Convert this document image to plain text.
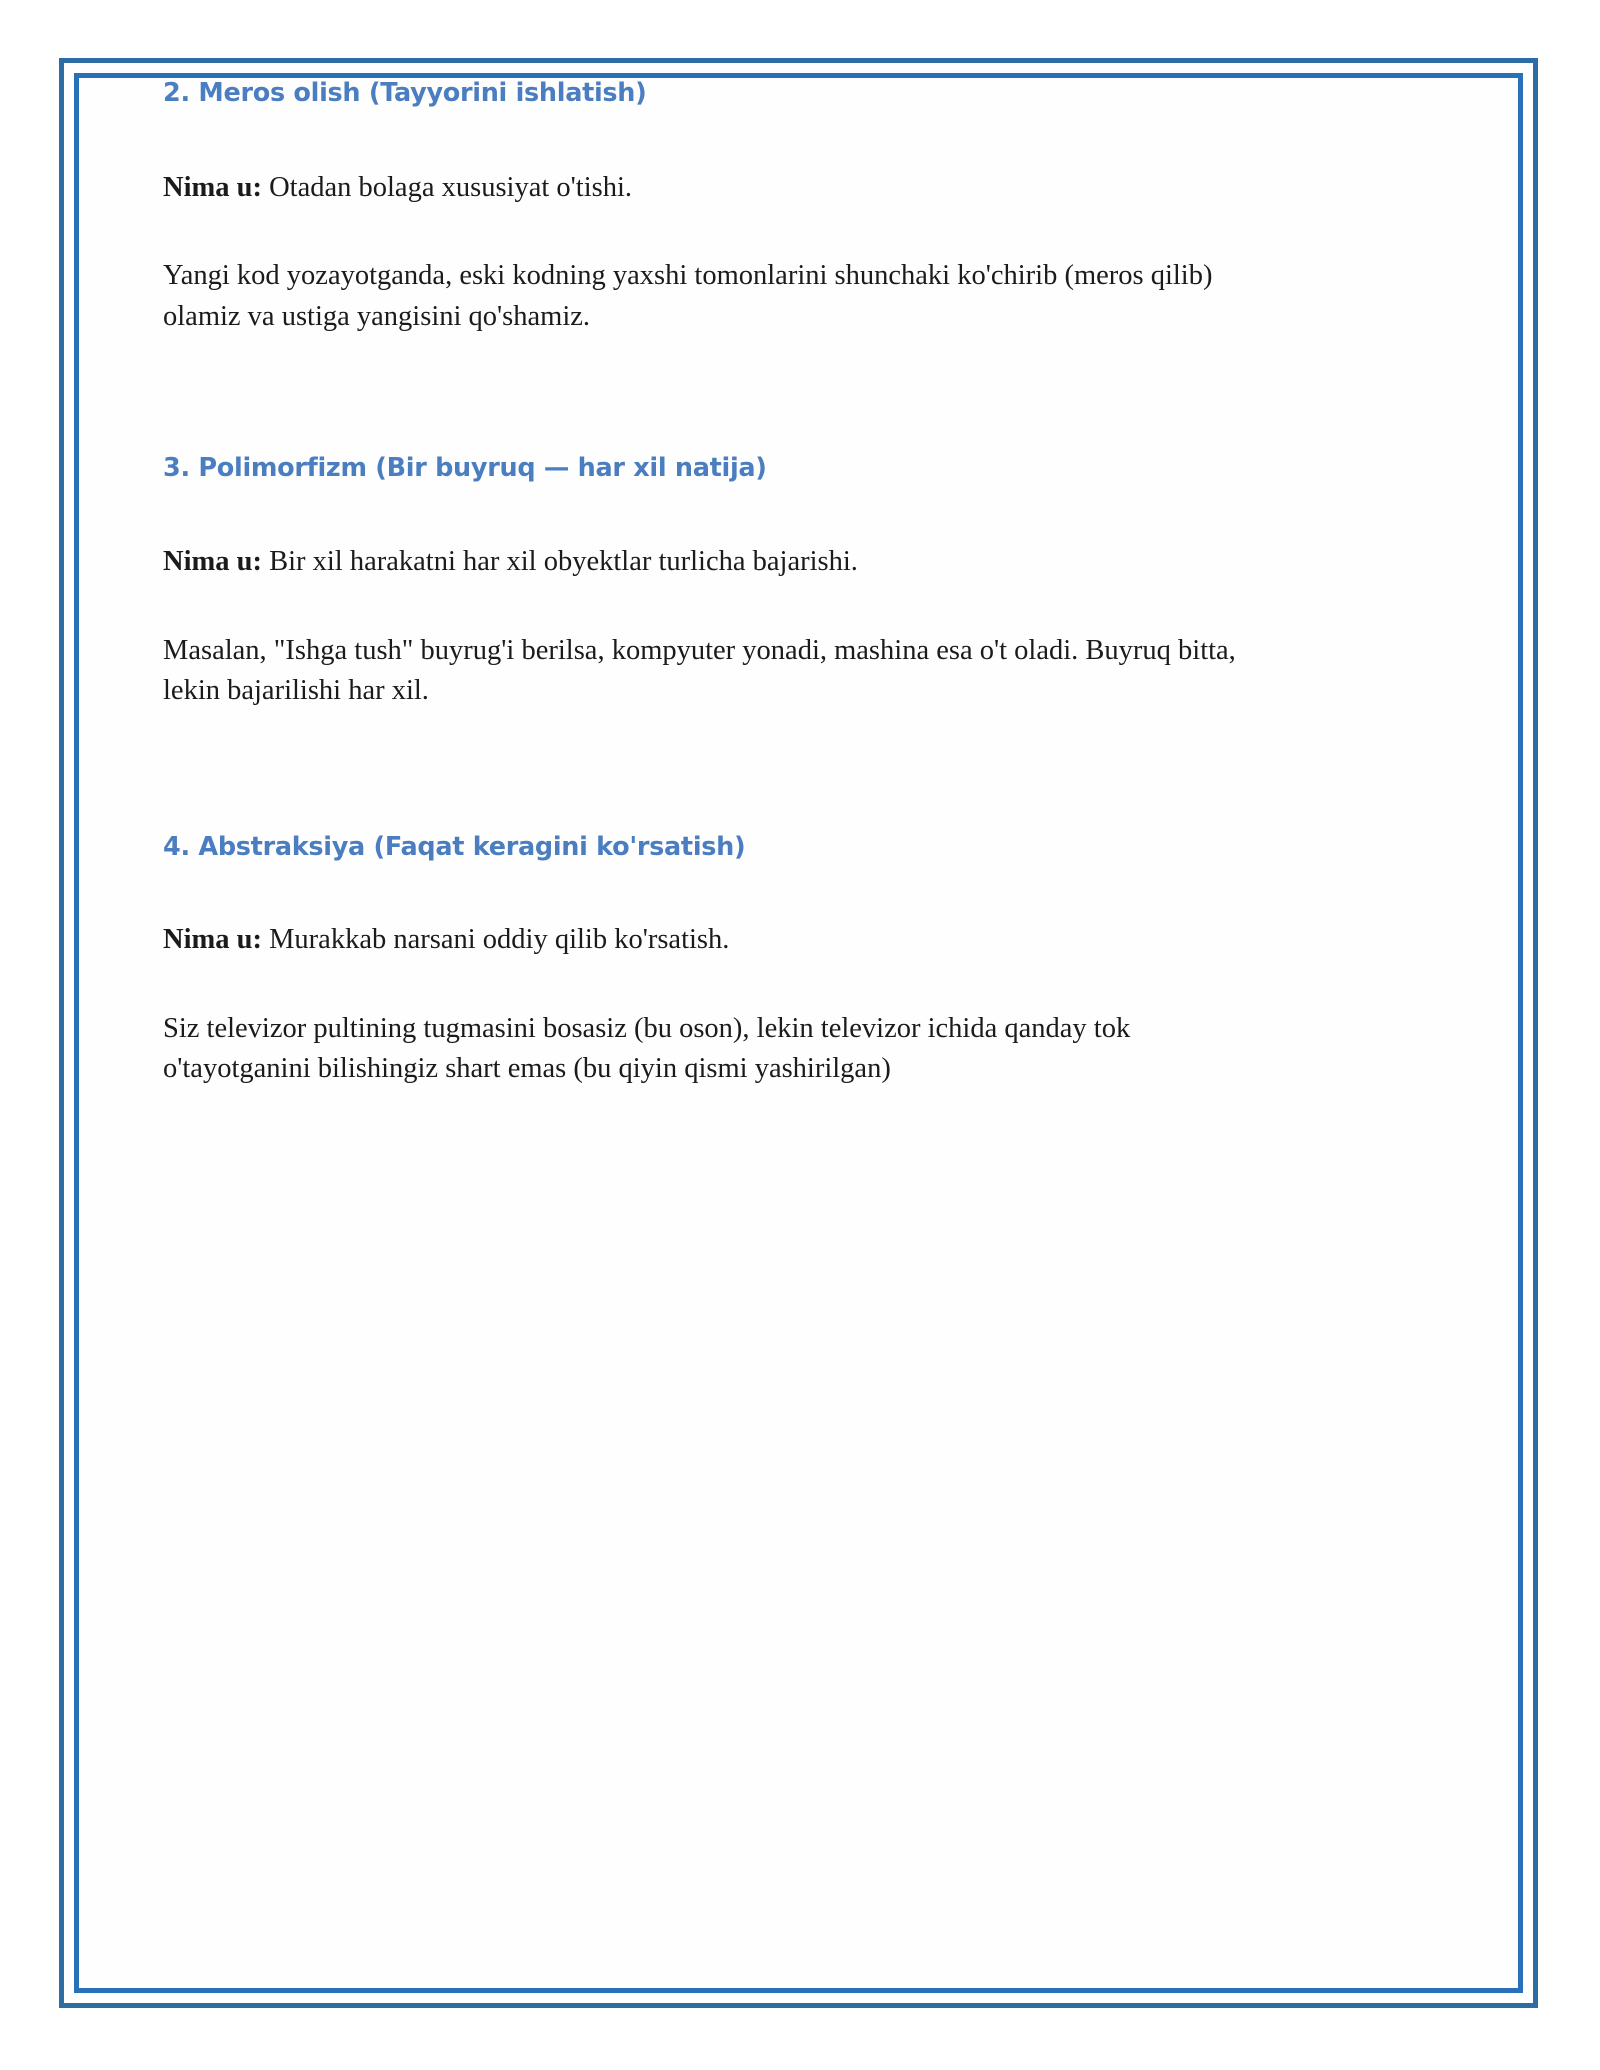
2. Meros olish (Tayyorini ishlatish)

Nima u: Otadan bolaga xususiyat o'tishi.

Yangi kod yozayotganda, eski kodning yaxshi tomonlarini shunchaki ko'chirib (meros qilib) olamiz va ustiga yangisini qo'shamiz.

3. Polimorfizm (Bir buyruq — har xil natija)

Nima u: Bir xil harakatni har xil obyektlar turlicha bajarishi.

Masalan, "Ishga tush" buyrug'i berilsa, kompyuter yonadi, mashina esa o't oladi. Buyruq bitta, lekin bajarilishi har xil.

4. Abstraksiya (Faqat keragini ko'rsatish)

Nima u: Murakkab narsani oddiy qilib ko'rsatish.

Siz televizor pultining tugmasini bosasiz (bu oson), lekin televizor ichida qanday tok o'tayotganini bilishingiz shart emas (bu qiyin qismi yashirilgan)
